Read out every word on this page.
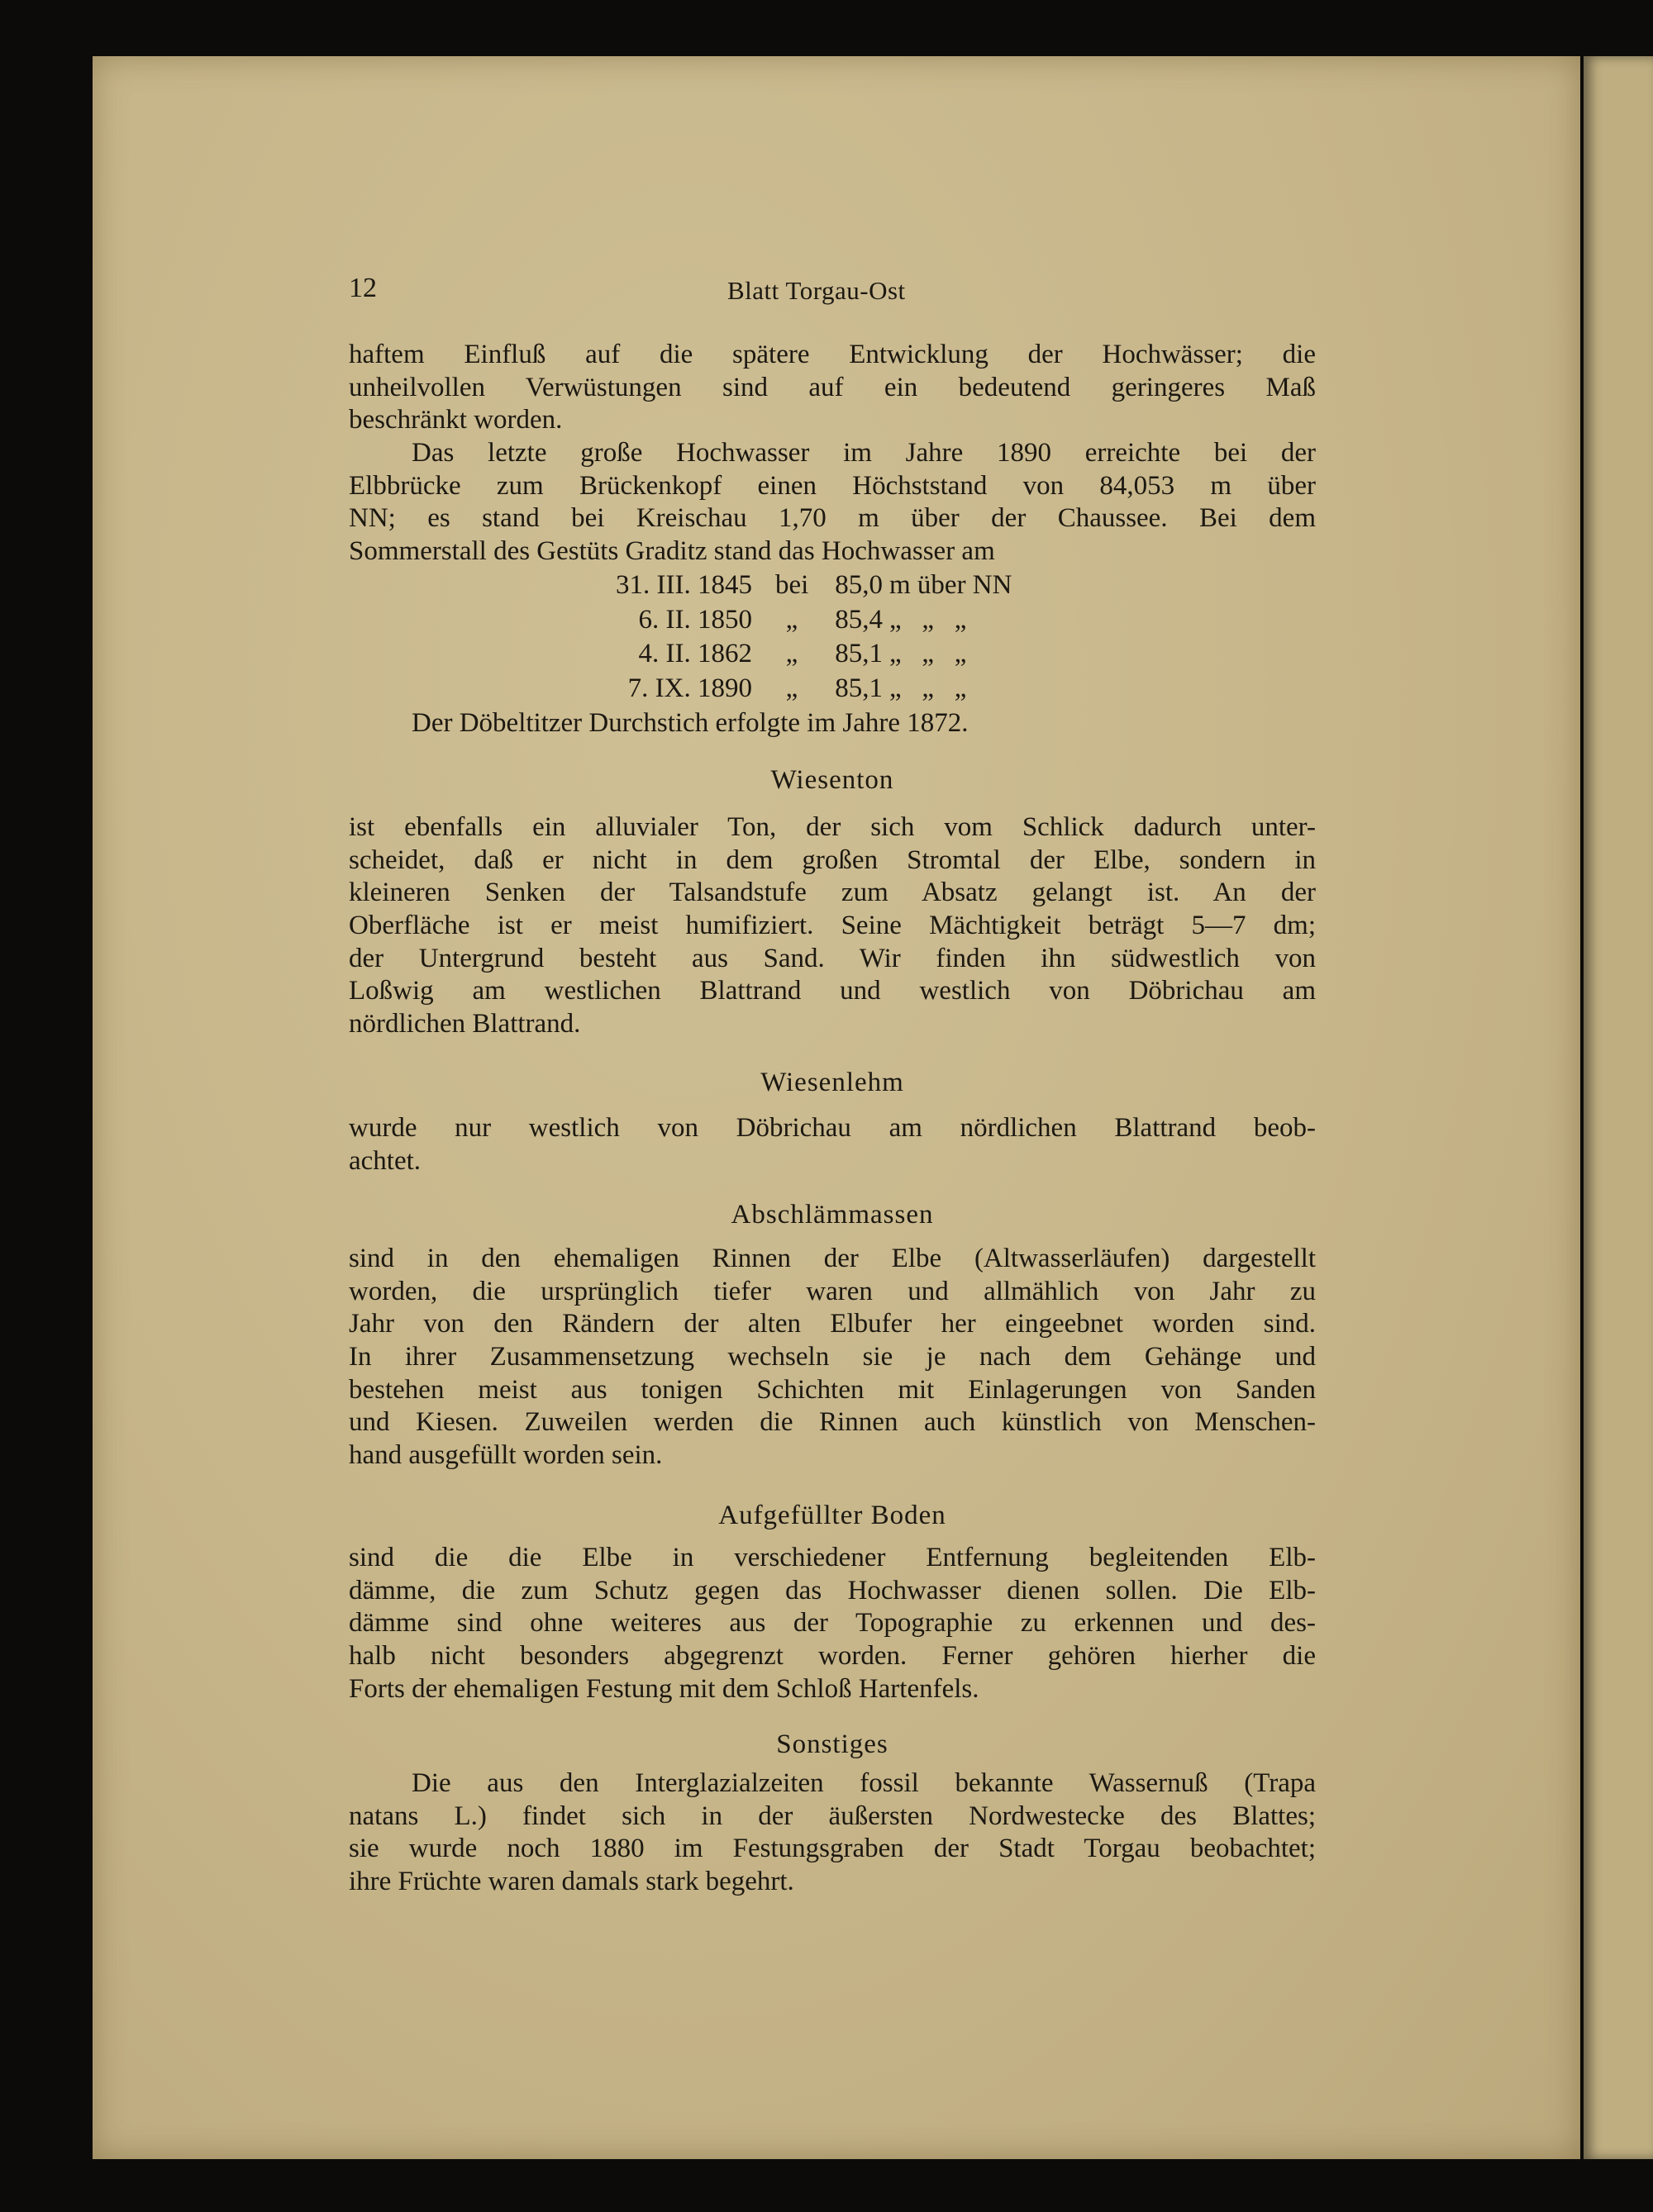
12	Blatt Torgau-Ost
haftem Einfluß auf die spätere Entwicklung der Hochwässer; die
unheilvollen Verwüstungen sind auf ein bedeutend geringeres Maß
beschränkt worden.
Das letzte große Hochwasser im Jahre 1890 erreichte bei der
Elbbrücke zum Brückenkopf einen Höchststand von 84,053 m über
NN; es stand bei Kreischau 1,70 m über der Chaussee. Bei dem
Sommerstall des Gestüts Graditz stand das Hochwasser am
31. III. 1845 bei 85,0 m über NN
6. II. 1850	„	85,4 „   „   „
4. II. 1862	„	85,1 „   „   „
7. IX. 1890	„	85,1 „   „   „
Der Döbeltitzer Durchstich erfolgte im Jahre 1872.
Wiesenton
ist ebenfalls ein alluvialer Ton, der sich vom Schlick dadurch unter-
scheidet, daß er nicht in dem großen Stromtal der Elbe, sondern in
kleineren Senken der Talsandstufe zum Absatz gelangt ist. An der
Oberfläche ist er meist humifiziert. Seine Mächtigkeit beträgt 5—7 dm;
der Untergrund besteht aus Sand. Wir finden ihn südwestlich von
Loßwig am westlichen Blattrand und westlich von Döbrichau am
nördlichen Blattrand.
Wiesenlehm
wurde nur westlich von Döbrichau am nördlichen Blattrand beob-
achtet.
Abschlämmassen
sind in den ehemaligen Rinnen der Elbe (Altwasserläufen) dargestellt
worden, die ursprünglich tiefer waren und allmählich von Jahr zu
Jahr von den Rändern der alten Elbufer her eingeebnet worden sind.
In ihrer Zusammensetzung wechseln sie je nach dem Gehänge und
bestehen meist aus tonigen Schichten mit Einlagerungen von Sanden
und Kiesen. Zuweilen werden die Rinnen auch künstlich von Menschen-
hand ausgefüllt worden sein.
Aufgefüllter Boden
sind die die Elbe in verschiedener Entfernung begleitenden Elb-
dämme, die zum Schutz gegen das Hochwasser dienen sollen. Die Elb-
dämme sind ohne weiteres aus der Topographie zu erkennen und des-
halb nicht besonders abgegrenzt worden. Ferner gehören hierher die
Forts der ehemaligen Festung mit dem Schloß Hartenfels.
Sonstiges
Die aus den Interglazialzeiten fossil bekannte Wassernuß (Trapa
natans L.) findet sich in der äußersten Nordwestecke des Blattes;
sie wurde noch 1880 im Festungsgraben der Stadt Torgau beobachtet;
ihre Früchte waren damals stark begehrt.
